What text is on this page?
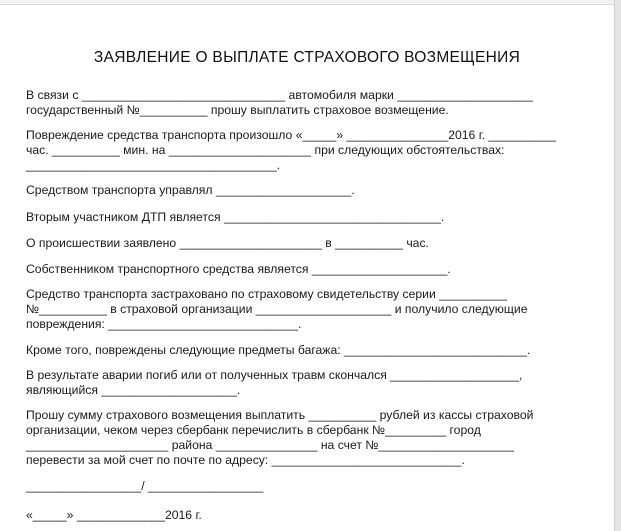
ЗАЯВЛЕНИЕ О ВЫПЛАТЕ СТРАХОВОГО ВОЗМЕЩЕНИЯ
В связи с ______________________________ автомобиля марки ____________________
государственный №__________ прошу выплатить страховое возмещение.
Повреждение средства транспорта произошло «_____» _______________2016 г. __________
час. __________ мин. на _____________________ при следующих обстоятельствах:
_____________________________________.
Средством транспорта управлял ____________________.
Вторым участником ДТП является ________________________________.
О происшествии заявлено _____________________ в __________ час.
Собственником транспортного средства является ____________________.
Средство транспорта застраховано по страховому свидетельству серии __________
№__________ в страховой организации ____________________ и получило следующие
повреждения: ____________________________.
Кроме того, повреждены следующие предметы багажа: ___________________________.
В результате аварии погиб или от полученных травм скончался ___________________,
являющийся ____________________.
Прошу сумму страхового возмещения выплатить __________ рублей из кассы страховой
организации, чеком через сбербанк перечислить в сбербанк №_________ город
_____________________ района _______________ на счет №____________________
перевести за мой счет по почте по адресу: ____________________________.
_________________/ _________________
«_____» _____________2016 г.
